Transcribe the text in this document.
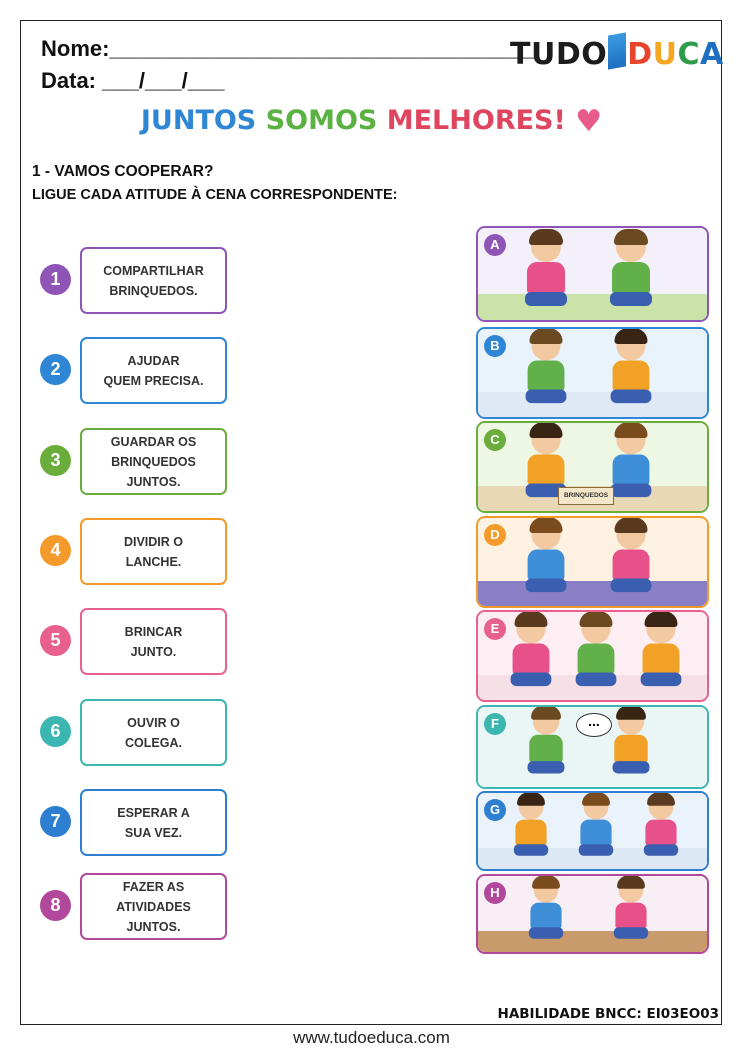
Nome:___________________________________
Data: ___/___/___
TUDO DUCA
JUNTOS SOMOS MELHORES! ♥
1 - VAMOS COOPERAR?
LIGUE CADA ATITUDE À CENA CORRESPONDENTE:
1	COMPARTILHAR
BRINQUEDOS.
2	AJUDAR
QUEM PRECISA.
3
GUARDAR OS
BRINQUEDOS
JUNTOS.
4	DIVIDIR O
LANCHE.
5	BRINCAR
JUNTO.
6	OUVIR O
COLEGA.
7	ESPERAR A
SUA VEZ.
8
FAZER AS
ATIVIDADES
JUNTOS.
A
B
C
BRINQUEDOS
D
E
F	...
G
H
HABILIDADE BNCC: EI03EO03
www.tudoeduca.com
